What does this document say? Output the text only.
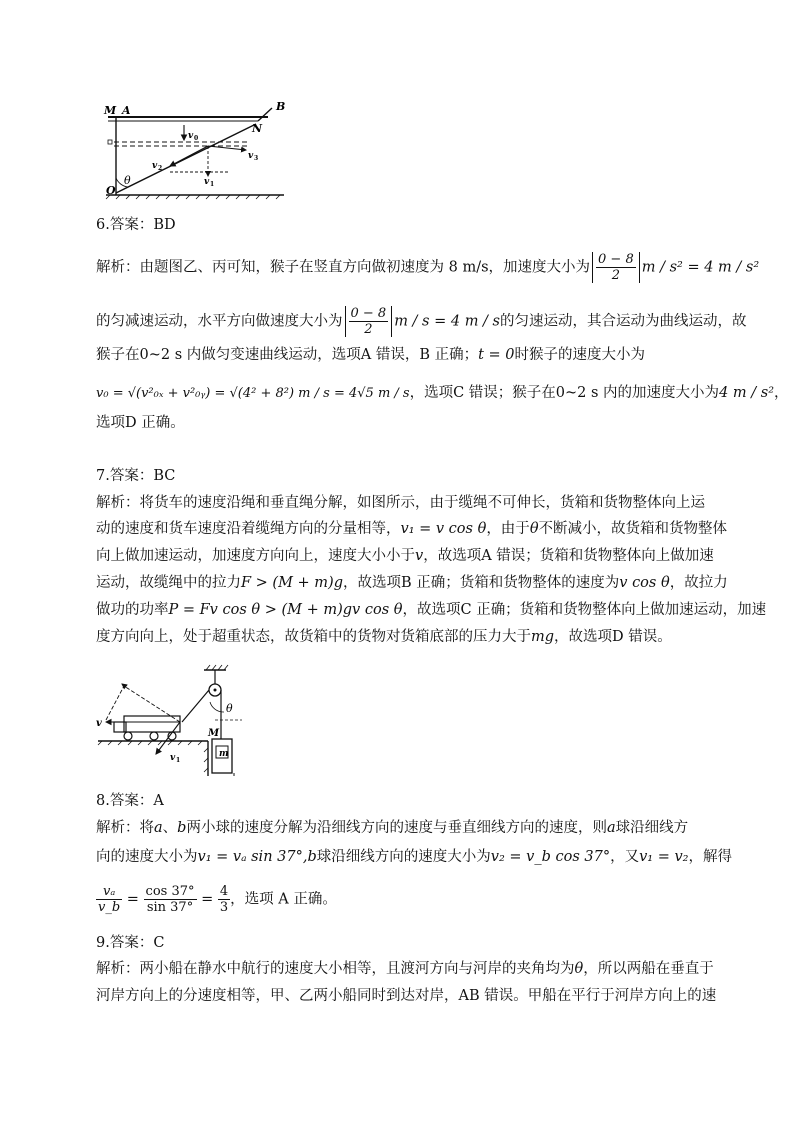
M A	B
N
O
θ
v 0
v 2
v 1
v 3
6.答案：BD
解析：由题图乙、丙可知，猴子在竖直方向做初速度为 8 m/s，加速度大小为 $\frac{0 - 8}{2}$ m / s² = 4 m / s²
的匀减速运动，水平方向做速度大小为 $\frac{0 - 8}{2}$ m / s = 4 m / s的匀速运动，其合运动为曲线运动，故
猴子在0~2 s 内做匀变速曲线运动，选项A 错误，B 正确；t = 0时猴子的速度大小为
v₀ = √(v²₀ₓ + v²₀ᵧ) = √(4² + 8²) m / s = 4√5 m / s，选项C 错误；猴子在0~2 s 内的加速度大小为4 m / s²，
选项D 正确。
7.答案：BC
解析：将货车的速度沿绳和垂直绳分解，如图所示，由于缆绳不可伸长，货箱和货物整体向上运
动的速度和货车速度沿着缆绳方向的分量相等，v₁ = v cos θ，由于θ不断减小，故货箱和货物整体
向上做加速运动，加速度方向向上，速度大小小于v，故选项A 错误；货箱和货物整体向上做加速
运动，故缆绳中的拉力F > (M + m)g，故选项B 正确；货箱和货物整体的速度为v cos θ，故拉力
做功的功率P = Fv cos θ > (M + m)gv cos θ，故选项C 正确；货箱和货物整体向上做加速运动，加速
度方向向上，处于超重状态，故货箱中的货物对货箱底部的压力大于mg，故选项D 错误。
v
θ
M
m
v 1
8.答案：A
解析：将a、b两小球的速度分解为沿细线方向的速度与垂直细线方向的速度，则a球沿细线方
向的速度大小为v₁ = vₐ sin 37°,b球沿细线方向的速度大小为v₂ = v_b cos 37°，又v₁ = v₂，解得
$\frac{\text{vₐ}}{v\_b} = \frac{\cos 37^\circ}{\sin 37^\circ} = \frac{4}{3}$ ，选项 A 正确。
9.答案：C
解析：两小船在静水中航行的速度大小相等，且渡河方向与河岸的夹角均为θ，所以两船在垂直于
河岸方向上的分速度相等，甲、乙两小船同时到达对岸，AB 错误。甲船在平行于河岸方向上的速
